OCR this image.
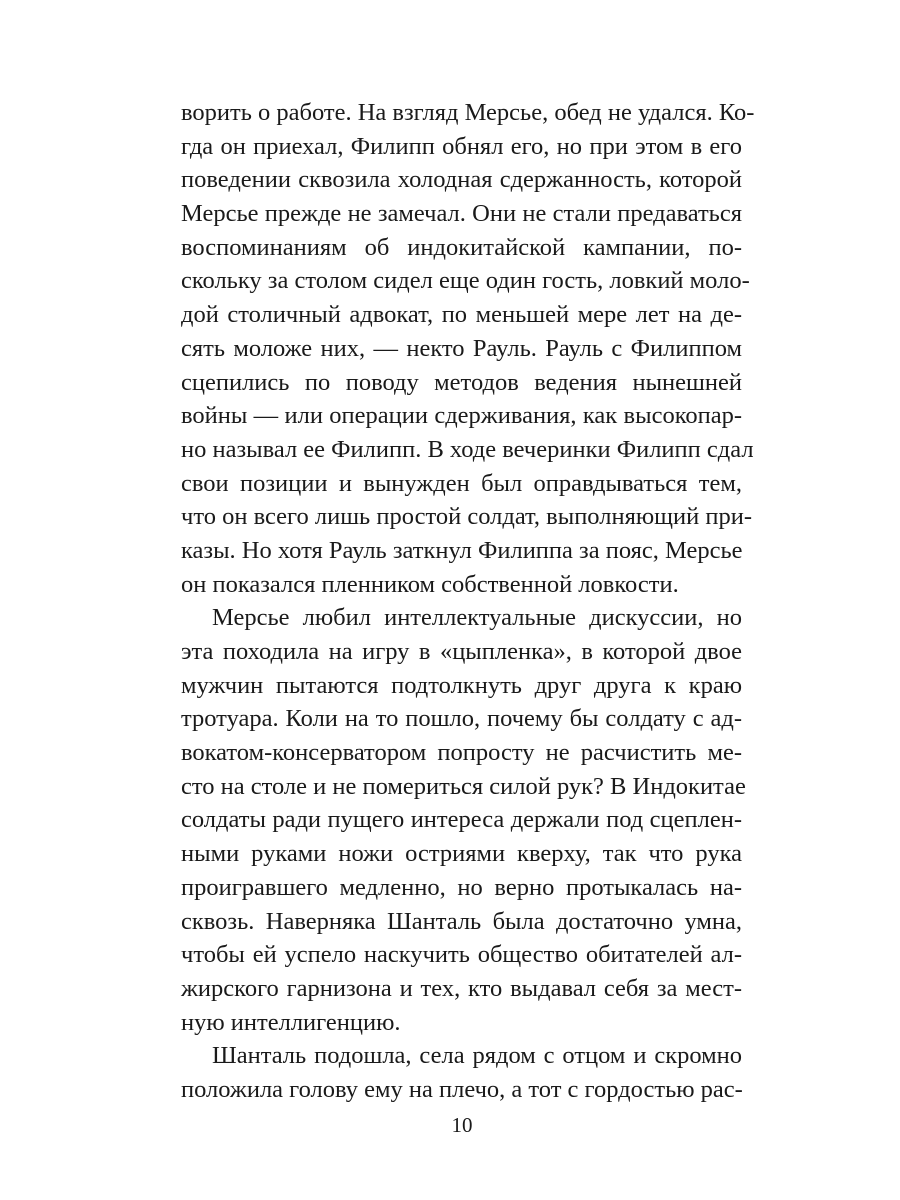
ворить о работе. На взгляд Мерсье, обед не удался. Ко-
гда он приехал, Филипп обнял его, но при этом в его
поведении сквозила холодная сдержанность, которой
Мерсье прежде не замечал. Они не стали предаваться
воспоминаниям об индокитайской кампании, по-
скольку за столом сидел еще один гость, ловкий моло-
дой столичный адвокат, по меньшей мере лет на де-
сять моложе них, — некто Рауль. Рауль с Филиппом
сцепились по поводу методов ведения нынешней
войны — или операции сдерживания, как высокопар-
но называл ее Филипп. В ходе вечеринки Филипп сдал
свои позиции и вынужден был оправдываться тем,
что он всего лишь простой солдат, выполняющий при-
казы. Но хотя Рауль заткнул Филиппа за пояс, Мерсье
он показался пленником собственной ловкости.
Мерсье любил интеллектуальные дискуссии, но
эта походила на игру в «цыпленка», в которой двое
мужчин пытаются подтолкнуть друг друга к краю
тротуара. Коли на то пошло, почему бы солдату с ад-
вокатом-консерватором попросту не расчистить ме-
сто на столе и не помериться силой рук? В Индокитае
солдаты ради пущего интереса держали под сцеплен-
ными руками ножи остриями кверху, так что рука
проигравшего медленно, но верно протыкалась на-
сквозь. Наверняка Шанталь была достаточно умна,
чтобы ей успело наскучить общество обитателей ал-
жирского гарнизона и тех, кто выдавал себя за мест-
ную интеллигенцию.
Шанталь подошла, села рядом с отцом и скромно
положила голову ему на плечо, а тот с гордостью рас-
10
